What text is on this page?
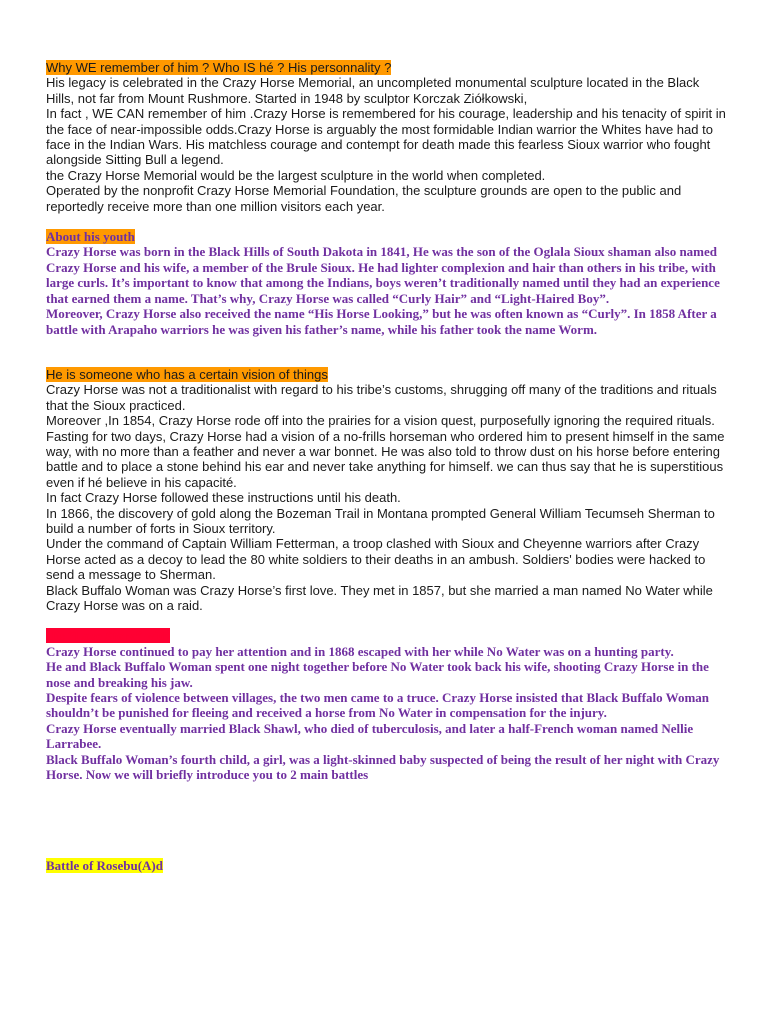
Why WE remember of him ? Who IS hé ? His personnality ?

His legacy is celebrated in the Crazy Horse Memorial, an uncompleted monumental sculpture located in the Black Hills, not far from Mount Rushmore. Started in 1948 by sculptor Korczak Ziółkowski,

In fact , WE CAN remember of him .Crazy Horse is remembered for his courage, leadership and his tenacity of spirit in the face of near-impossible odds.Crazy Horse is arguably the most formidable Indian warrior the Whites have had to face in the Indian Wars. His matchless courage and contempt for death made this fearless Sioux warrior who fought alongside Sitting Bull a legend.

the Crazy Horse Memorial would be the largest sculpture in the world when completed.

Operated by the nonprofit Crazy Horse Memorial Foundation, the sculpture grounds are open to the public and reportedly receive more than one million visitors each year.

About his youth

Crazy Horse was born in the Black Hills of South Dakota in 1841, He was the son of the Oglala Sioux shaman also named Crazy Horse and his wife, a member of the Brule Sioux. He had lighter complexion and hair than others in his tribe, with large curls. It’s important to know that among the Indians, boys weren’t traditionally named until they had an experience that earned them a name. That’s why, Crazy Horse was called “Curly Hair” and “Light-Haired Boy”.

Moreover, Crazy Horse also received the name “His Horse Looking,” but he was often known as “Curly”. In 1858 After a battle with Arapaho warriors he was given his father’s name, while his father took the name Worm.

He is someone who has a certain vision of things

Crazy Horse was not a traditionalist with regard to his tribe’s customs, shrugging off many of the traditions and rituals that the Sioux practiced.

Moreover ,In 1854, Crazy Horse rode off into the prairies for a vision quest, purposefully ignoring the required rituals.

Fasting for two days, Crazy Horse had a vision of a no-frills horseman who ordered him to present himself in the same way, with no more than a feather and never a war bonnet. He was also told to throw dust on his horse before entering battle and to place a stone behind his ear and never take anything for himself. we can thus say that he is superstitious even if hé believe in his capacité.

In fact Crazy Horse followed these instructions until his death.

In 1866, the discovery of gold along the Bozeman Trail in Montana prompted General William Tecumseh Sherman to build a number of forts in Sioux territory.

Under the command of Captain William Fetterman, a troop clashed with Sioux and Cheyenne warriors after Crazy Horse acted as a decoy to lead the 80 white soldiers to their deaths in an ambush. Soldiers' bodies were hacked to send a message to Sherman.

Black Buffalo Woman was Crazy Horse’s first love. They met in 1857, but she married a man named No Water while Crazy Horse was on a raid.

His “Love Story” with

Crazy Horse continued to pay her attention and in 1868 escaped with her while No Water was on a hunting party.

He and Black Buffalo Woman spent one night together before No Water took back his wife, shooting Crazy Horse in the nose and breaking his jaw.

Despite fears of violence between villages, the two men came to a truce. Crazy Horse insisted that Black Buffalo Woman shouldn’t be punished for fleeing and received a horse from No Water in compensation for the injury.

Crazy Horse eventually married Black Shawl, who died of tuberculosis, and later a half-French woman named Nellie Larrabee.

Black Buffalo Woman’s fourth child, a girl, was a light-skinned baby suspected of being the result of her night with Crazy Horse. Now we will briefly introduce you to 2 main battles

Battle of Rosebu(A)d
